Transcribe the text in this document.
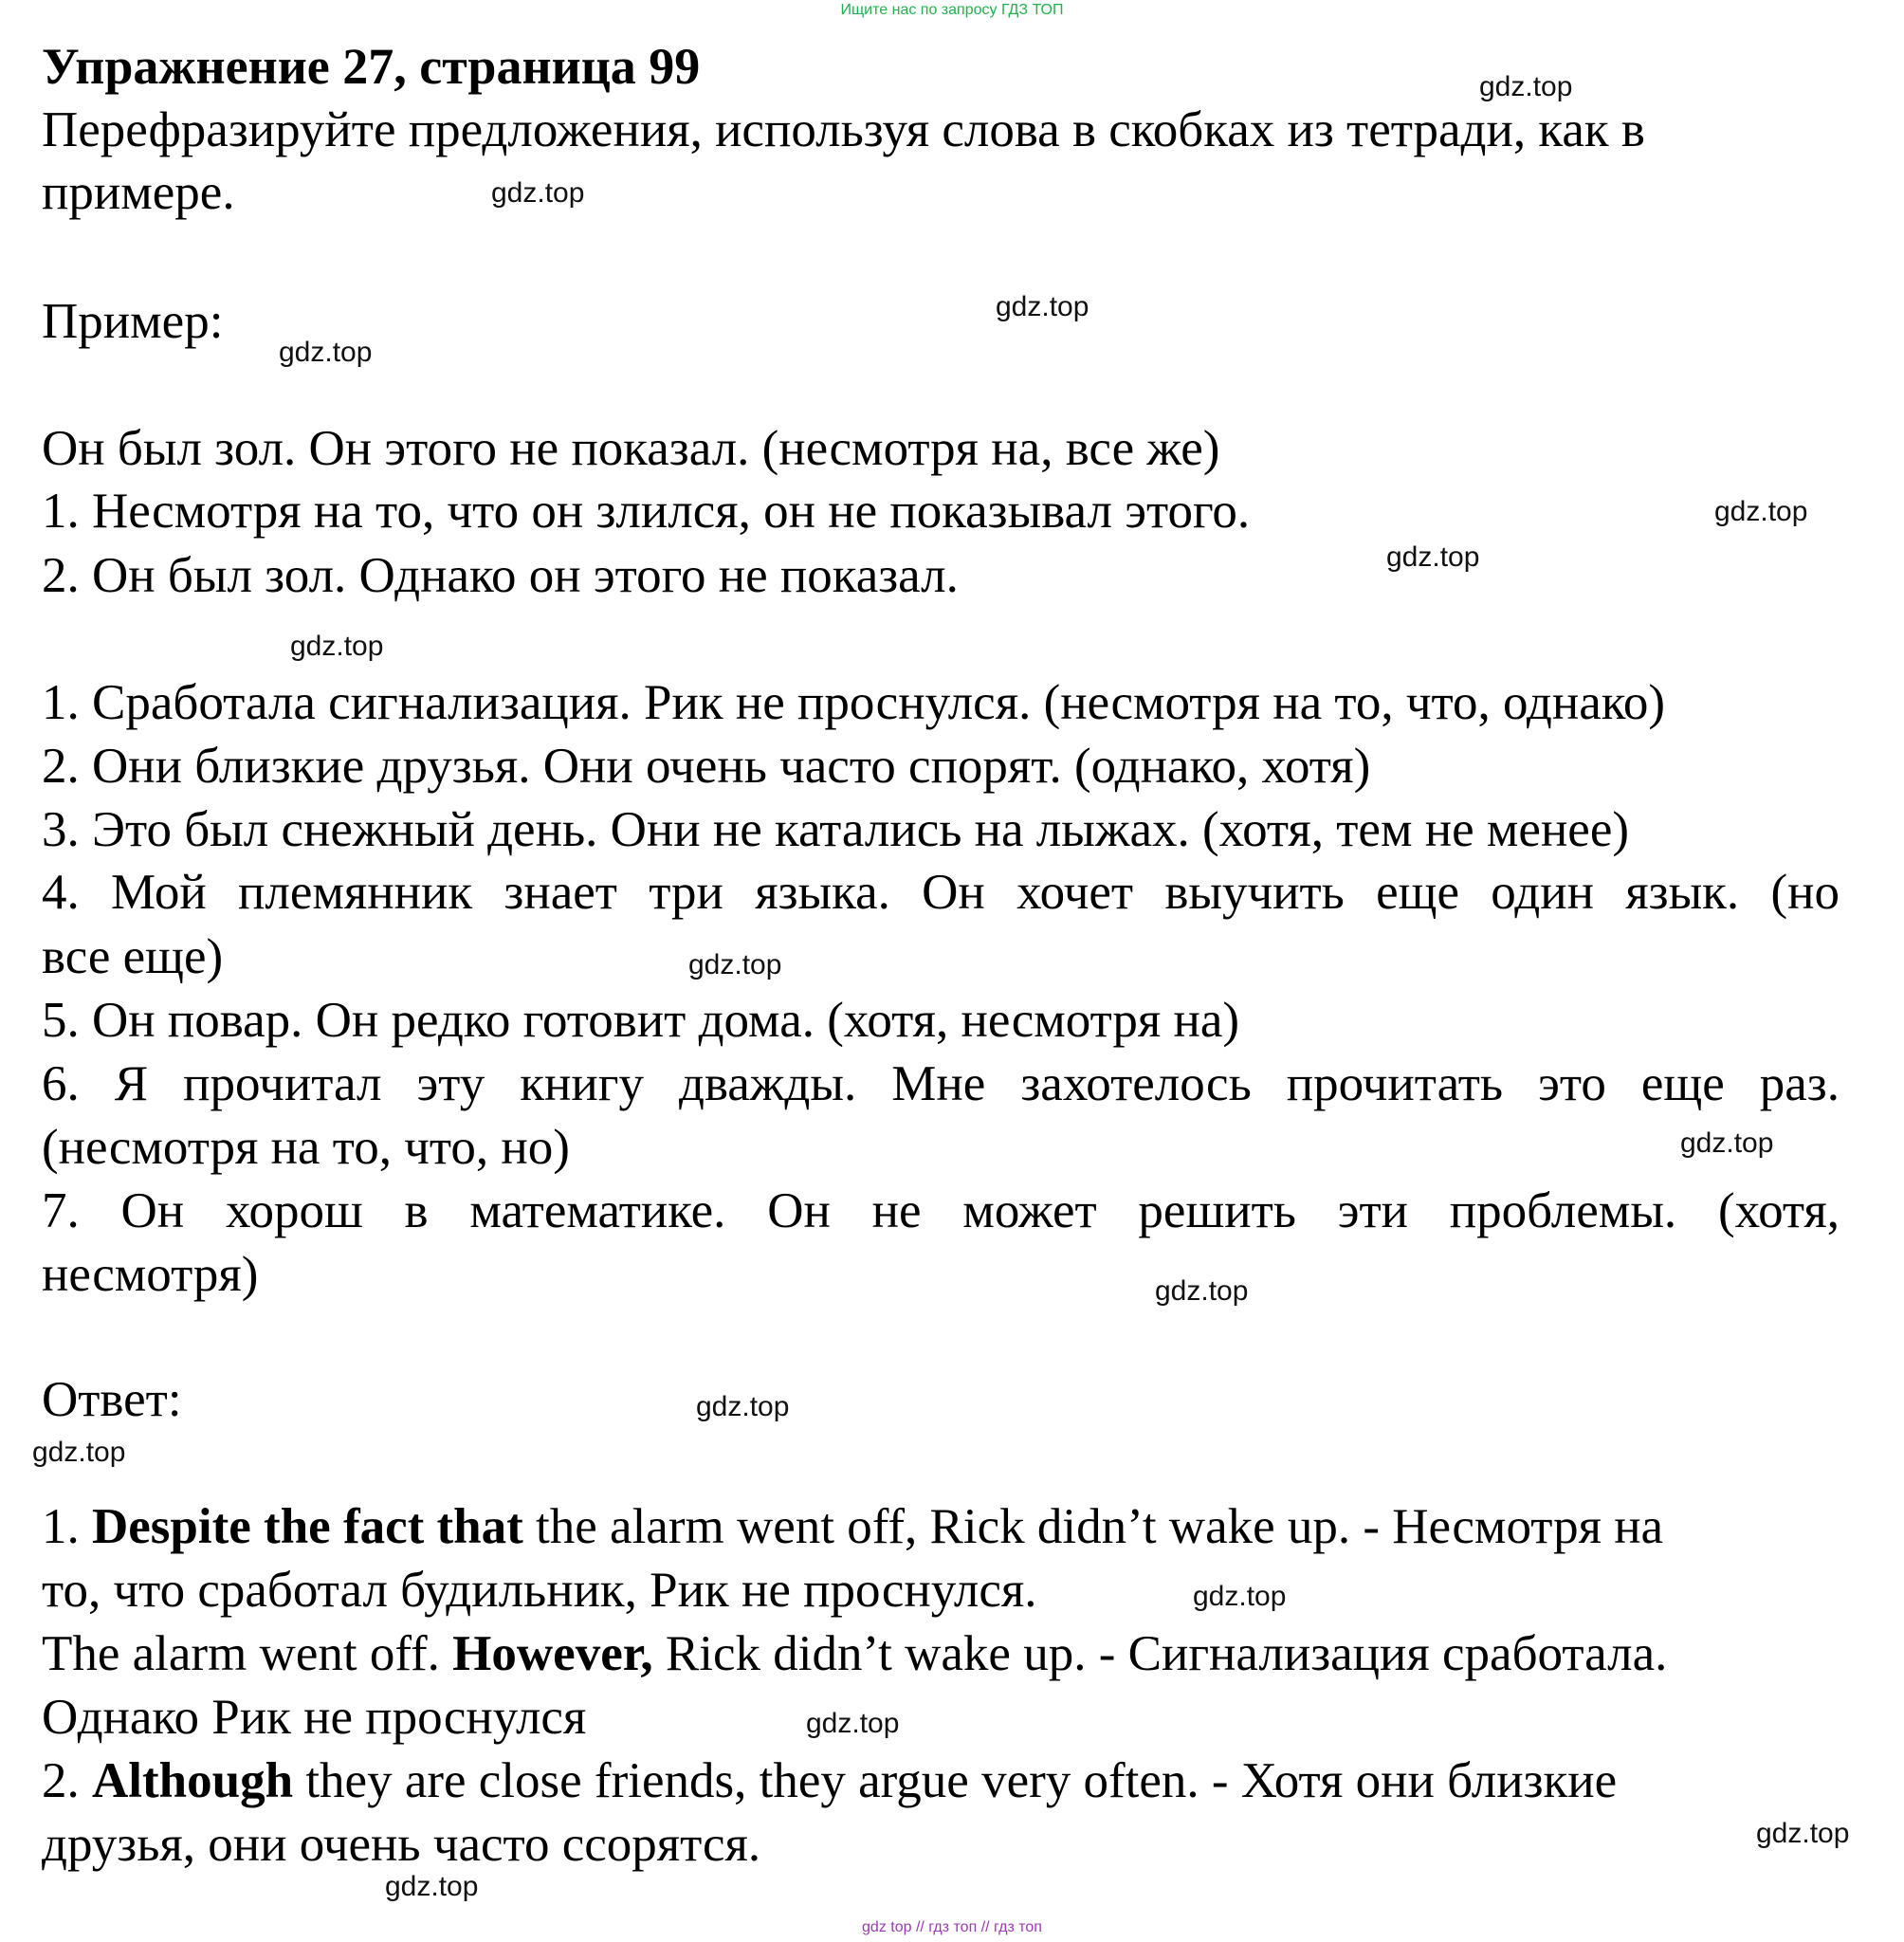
Ищите нас по запросу ГДЗ ТОП
Упражнение 27, страница 99

Перефразируйте предложения, используя слова в скобках из тетради, как в

примере.

Пример:

Он был зол. Он этого не показал. (несмотря на, все же)

1. Несмотря на то, что он злился, он не показывал этого.

2. Он был зол. Однако он этого не показал.

1. Сработала сигнализация. Рик не проснулся. (несмотря на то, что, однако)

2. Они близкие друзья. Они очень часто спорят. (однако, хотя)

3. Это был снежный день. Они не катались на лыжах. (хотя, тем не менее)

4. Мой племянник знает три языка. Он хочет выучить еще один язык. (но

все еще)

5. Он повар. Он редко готовит дома. (хотя, несмотря на)

6. Я прочитал эту книгу дважды. Мне захотелось прочитать это еще раз.

(несмотря на то, что, но)

7. Он хорош в математике. Он не может решить эти проблемы. (хотя,

несмотря)

Ответ:

1. Despite the fact that the alarm went off, Rick didn’t wake up. - Несмотря на

то, что сработал будильник, Рик не проснулся.

The alarm went off. However, Rick didn’t wake up. - Сигнализация сработала.

Однако Рик не проснулся

2. Although they are close friends, they argue very often. - Хотя они близкие

друзья, они очень часто ссорятся.

gdz.top
gdz.top
gdz.top
gdz.top
gdz.top
gdz.top
gdz.top
gdz.top
gdz.top
gdz.top
gdz.top
gdz.top
gdz.top
gdz.top
gdz.top
gdz.top
gdz top // гдз топ // гдз топ
